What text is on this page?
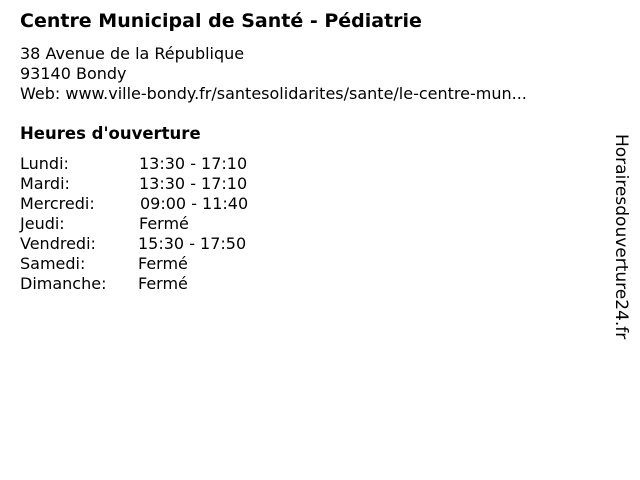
Centre Municipal de Santé - Pédiatrie
38 Avenue de la République
93140 Bondy
Web: www.ville-bondy.fr/santesolidarites/sante/le-centre-mun...
Heures d'ouverture
Lundi:	13:30 - 17:10
Mardi:	13:30 - 17:10
Mercredi:	09:00 - 11:40
Jeudi:	Fermé
Vendredi:	15:30 - 17:50
Samedi:	Fermé
Dimanche: Fermé	Horairesdouverture24.fr
